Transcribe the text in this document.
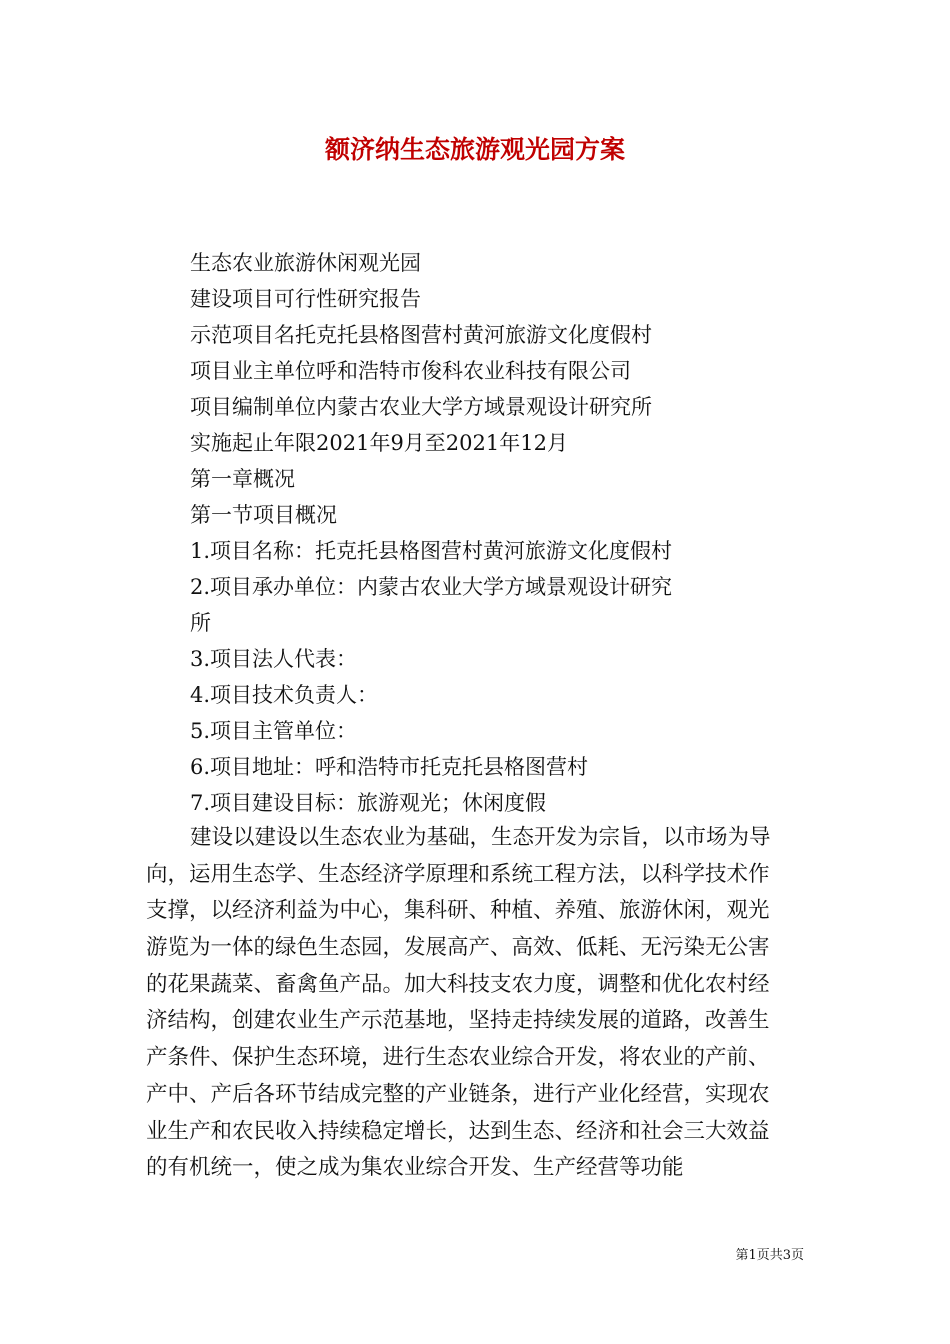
额济纳生态旅游观光园方案
生态农业旅游休闲观光园
建设项目可行性研究报告
示范项目名托克托县格图营村黄河旅游文化度假村
项目业主单位呼和浩特市俊科农业科技有限公司
项目编制单位内蒙古农业大学方域景观设计研究所
实施起止年限2021年9月至2021年12月
第一章概况
第一节项目概况
1.项目名称：托克托县格图营村黄河旅游文化度假村
2.项目承办单位：内蒙古农业大学方域景观设计研究
所
3.项目法人代表：
4.项目技术负责人：
5.项目主管单位：
6.项目地址：呼和浩特市托克托县格图营村
7.项目建设目标：旅游观光；休闲度假
建设以建设以生态农业为基础，生态开发为宗旨，以市场为导
向，运用生态学、生态经济学原理和系统工程方法，以科学技术作
支撑，以经济利益为中心，集科研、种植、养殖、旅游休闲，观光
游览为一体的绿色生态园，发展高产、高效、低耗、无污染无公害
的花果蔬菜、畜禽鱼产品。加大科技支农力度，调整和优化农村经
济结构，创建农业生产示范基地，坚持走持续发展的道路，改善生
产条件、保护生态环境，进行生态农业综合开发，将农业的产前、
产中、产后各环节结成完整的产业链条，进行产业化经营，实现农
业生产和农民收入持续稳定增长，达到生态、经济和社会三大效益
的有机统一，使之成为集农业综合开发、生产经营等功能
第1页共3页
